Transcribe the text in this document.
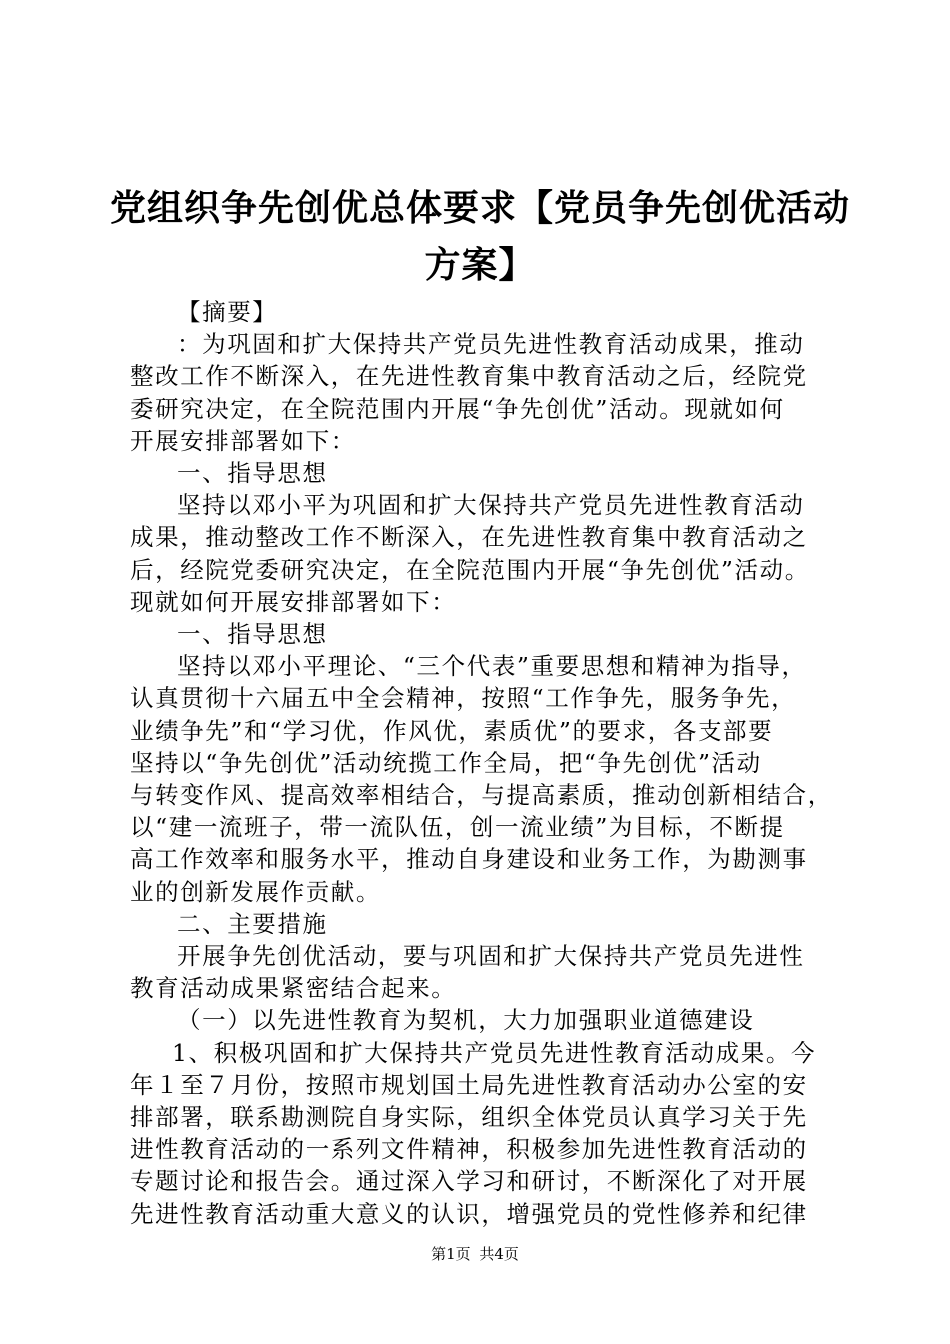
党组织争先创优总体要求【党员争先创优活动
方案】

【摘要】

：为巩固和扩大保持共产党员先进性教育活动成果，推动

整改工作不断深入，在先进性教育集中教育活动之后，经院党

委研究决定，在全院范围内开展“争先创优”活动。现就如何

开展安排部署如下：

一、指导思想

坚持以邓小平为巩固和扩大保持共产党员先进性教育活动

成果，推动整改工作不断深入，在先进性教育集中教育活动之

后，经院党委研究决定，在全院范围内开展“争先创优”活动。

现就如何开展安排部署如下：

一、指导思想

坚持以邓小平理论、“三个代表”重要思想和精神为指导，

认真贯彻十六届五中全会精神，按照“工作争先，服务争先，

业绩争先”和“学习优，作风优，素质优”的要求，各支部要

坚持以“争先创优”活动统揽工作全局，把“争先创优”活动

与转变作风、提高效率相结合，与提高素质，推动创新相结合，

以“建一流班子，带一流队伍，创一流业绩”为目标，不断提

高工作效率和服务水平，推动自身建设和业务工作，为勘测事

业的创新发展作贡献。

二、主要措施

开展争先创优活动，要与巩固和扩大保持共产党员先进性

教育活动成果紧密结合起来。

（一）以先进性教育为契机，大力加强职业道德建设

1、积极巩固和扩大保持共产党员先进性教育活动成果。今

年１至７月份，按照市规划国土局先进性教育活动办公室的安

排部署，联系勘测院自身实际，组织全体党员认真学习关于先

进性教育活动的一系列文件精神，积极参加先进性教育活动的

专题讨论和报告会。通过深入学习和研讨，不断深化了对开展

先进性教育活动重大意义的认识，增强党员的党性修养和纪律

第1页 共4页
